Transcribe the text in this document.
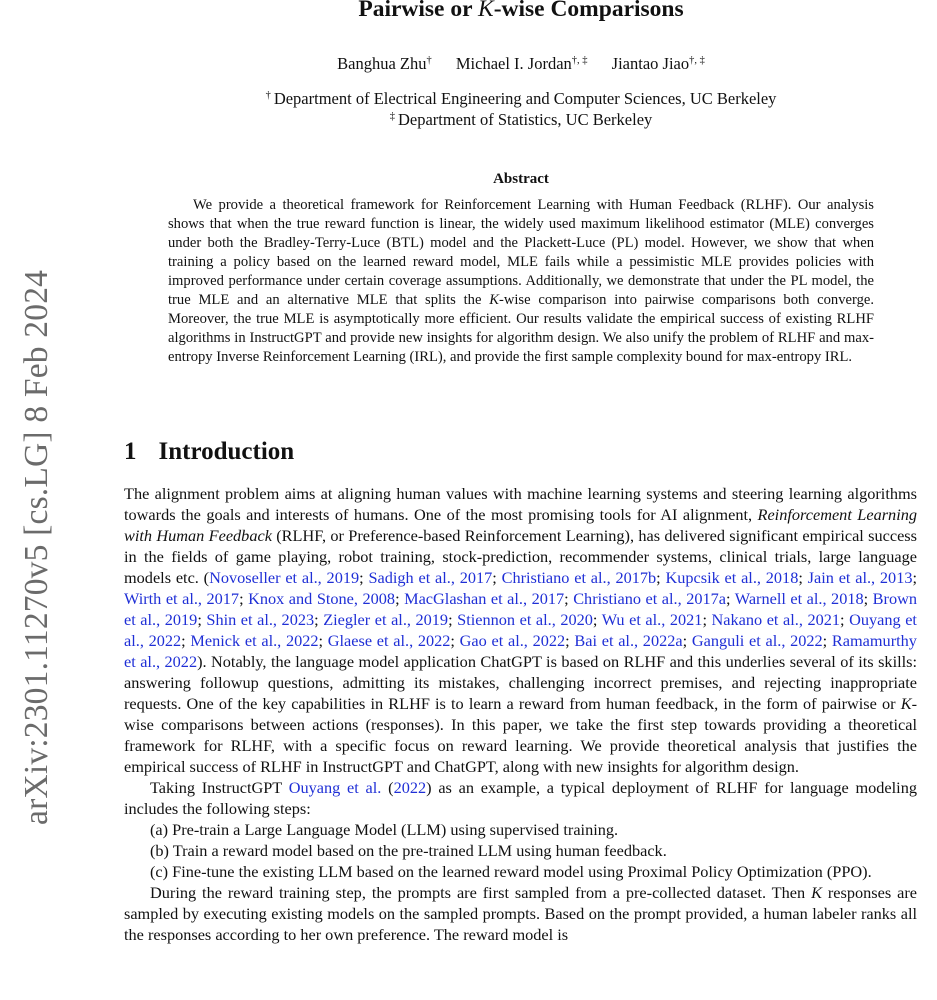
arXiv:2301.11270v5 [cs.LG] 8 Feb 2024
Pairwise or K-wise Comparisons
Banghua Zhu† Michael I. Jordan†, ‡ Jiantao Jiao†, ‡
† Department of Electrical Engineering and Computer Sciences, UC Berkeley
‡ Department of Statistics, UC Berkeley
Abstract
We provide a theoretical framework for Reinforcement Learning with Human Feedback (RLHF). Our analysis shows that when the true reward function is linear, the widely used maximum likelihood estimator (MLE) converges under both the Bradley-Terry-Luce (BTL) model and the Plackett-Luce (PL) model. However, we show that when training a policy based on the learned reward model, MLE fails while a pessimistic MLE provides policies with improved performance under certain coverage assumptions. Additionally, we demonstrate that under the PL model, the true MLE and an alternative MLE that splits the K-wise comparison into pairwise comparisons both converge. Moreover, the true MLE is asymptotically more efficient. Our results validate the empirical success of existing RLHF algorithms in InstructGPT and provide new insights for algorithm design. We also unify the problem of RLHF and max-entropy Inverse Reinforcement Learning (IRL), and provide the first sample complexity bound for max-entropy IRL.
1 Introduction

The alignment problem aims at aligning human values with machine learning systems and steering learning algorithms towards the goals and interests of humans. One of the most promising tools for AI alignment, Reinforcement Learning with Human Feedback (RLHF, or Preference-based Reinforcement Learning), has delivered significant empirical success in the fields of game playing, robot training, stock-prediction, recommender systems, clinical trials, large language models etc. (Novoseller et al., 2019; Sadigh et al., 2017; Christiano et al., 2017b; Kupcsik et al., 2018; Jain et al., 2013; Wirth et al., 2017; Knox and Stone, 2008; MacGlashan et al., 2017; Christiano et al., 2017a; Warnell et al., 2018; Brown et al., 2019; Shin et al., 2023; Ziegler et al., 2019; Stiennon et al., 2020; Wu et al., 2021; Nakano et al., 2021; Ouyang et al., 2022; Menick et al., 2022; Glaese et al., 2022; Gao et al., 2022; Bai et al., 2022a; Ganguli et al., 2022; Ramamurthy et al., 2022). Notably, the language model application ChatGPT is based on RLHF and this underlies several of its skills: answering followup questions, admitting its mistakes, challenging incorrect premises, and rejecting inappropriate requests. One of the key capabilities in RLHF is to learn a reward from human feedback, in the form of pairwise or K-wise comparisons between actions (responses). In this paper, we take the first step towards providing a theoretical framework for RLHF, with a specific focus on reward learning. We provide theoretical analysis that justifies the empirical success of RLHF in InstructGPT and ChatGPT, along with new insights for algorithm design.

Taking InstructGPT Ouyang et al. (2022) as an example, a typical deployment of RLHF for language modeling includes the following steps:

(a) Pre-train a Large Language Model (LLM) using supervised training.

(b) Train a reward model based on the pre-trained LLM using human feedback.

(c) Fine-tune the existing LLM based on the learned reward model using Proximal Policy Optimization (PPO).

During the reward training step, the prompts are first sampled from a pre-collected dataset. Then K responses are sampled by executing existing models on the sampled prompts. Based on the prompt provided, a human labeler ranks all the responses according to her own preference. The reward model is
